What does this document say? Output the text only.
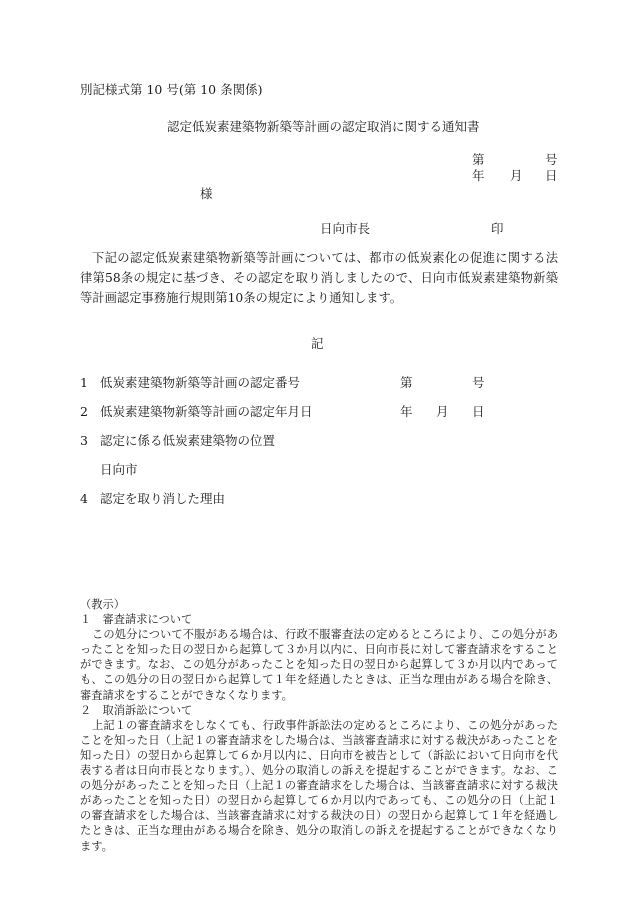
別記様式第 10 号(第 10 条関係)
認定低炭素建築物新築等計画の認定取消に関する通知書
第	号
年 月 日
様
日向市長	印
下記の認定低炭素建築物新築等計画については、都市の低炭素化の促進に関する法律第58条の規定に基づき、その認定を取り消しましたので、日向市低炭素建築物新築等計画認定事務施行規則第10条の規定により通知します。
記
1 低炭素建築物新築等計画の認定番号	第	号
2 低炭素建築物新築等計画の認定年月日	年 月 日
3 認定に係る低炭素建築物の位置
日向市
4 認定を取り消した理由
（教示）
１　審査請求について
この処分について不服がある場合は、行政不服審査法の定めるところにより、この処分があったことを知った日の翌日から起算して３か月以内に、日向市長に対して審査請求をすることができます。なお、この処分があったことを知った日の翌日から起算して３か月以内であっても、この処分の日の翌日から起算して１年を経過したときは、正当な理由がある場合を除き、審査請求をすることができなくなります。
２　取消訴訟について
上記１の審査請求をしなくても、行政事件訴訟法の定めるところにより、この処分があったことを知った日（上記１の審査請求をした場合は、当該審査請求に対する裁決があったことを知った日）の翌日から起算して６か月以内に、日向市を被告として（訴訟において日向市を代表する者は日向市長となります。）、処分の取消しの訴えを提起することができます。なお、この処分があったことを知った日（上記１の審査請求をした場合は、当該審査請求に対する裁決があったことを知った日）の翌日から起算して６か月以内であっても、この処分の日（上記１の審査請求をした場合は、当該審査請求に対する裁決の日）の翌日から起算して１年を経過したときは、正当な理由がある場合を除き、処分の取消しの訴えを提起することができなくなります。
